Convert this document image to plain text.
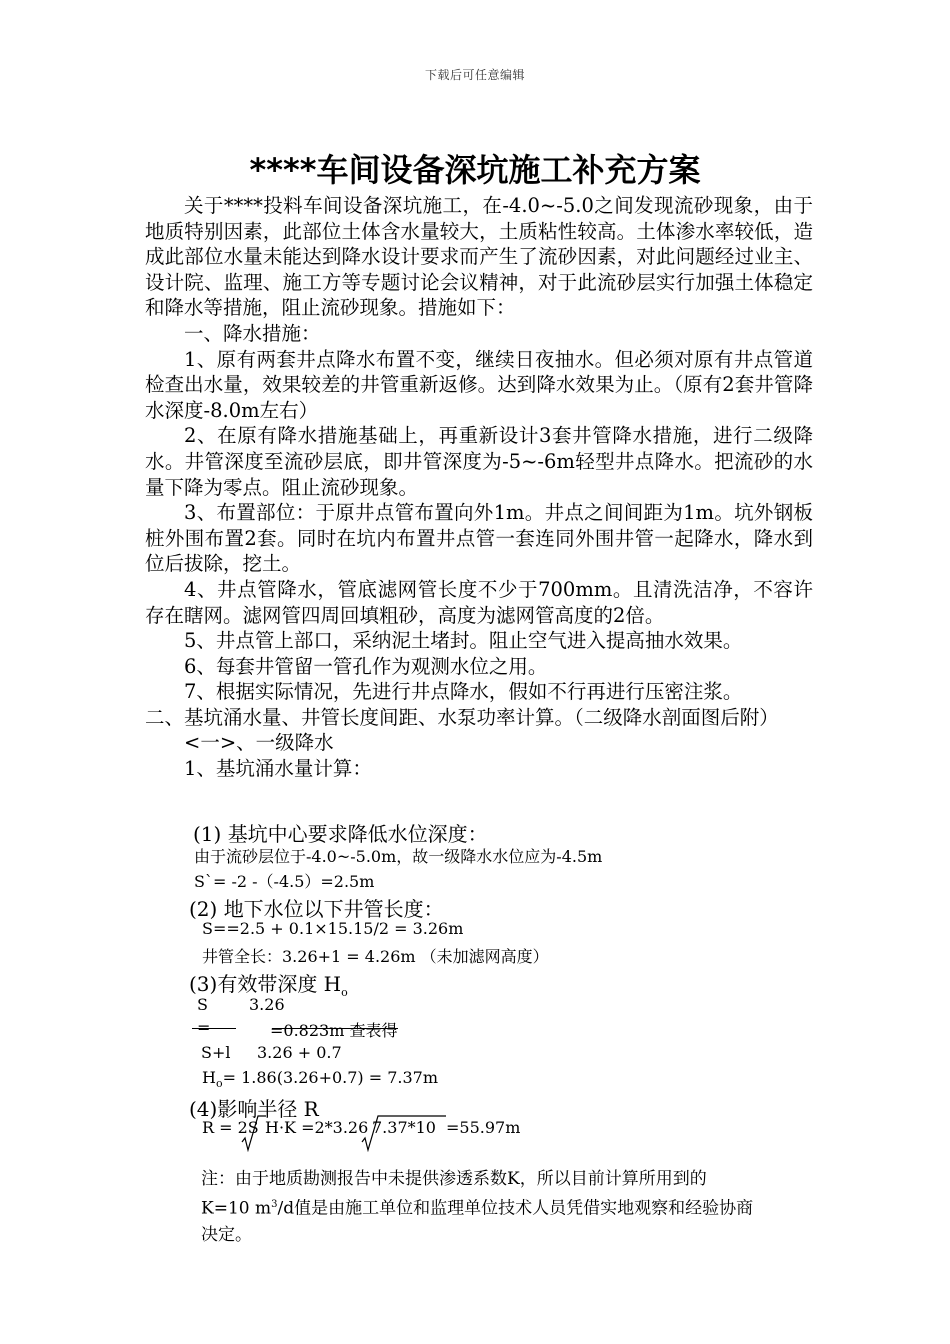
下载后可任意编辑
****车间设备深坑施工补充方案

关于****投料车间设备深坑施工，在-4.0~-5.0之间发现流砂现象，由于地质特别因素，此部位土体含水量较大，土质粘性较高。土体渗水率较低，造成此部位水量未能达到降水设计要求而产生了流砂因素，对此问题经过业主、设计院、监理、施工方等专题讨论会议精神，对于此流砂层实行加强土体稳定和降水等措施，阻止流砂现象。措施如下：

一、降水措施：

1、原有两套井点降水布置不变，继续日夜抽水。但必须对原有井点管道检查出水量，效果较差的井管重新返修。达到降水效果为止。（原有2套井管降水深度-8.0m左右）

2、在原有降水措施基础上，再重新设计3套井管降水措施，进行二级降水。井管深度至流砂层底，即井管深度为-5~-6m轻型井点降水。把流砂的水量下降为零点。阻止流砂现象。

3、布置部位：于原井点管布置向外1m。井点之间间距为1m。坑外钢板桩外围布置2套。同时在坑内布置井点管一套连同外围井管一起降水，降水到位后拔除，挖土。

4、井点管降水，管底滤网管长度不少于700mm。且清洗洁净，不容许存在瞎网。滤网管四周回填粗砂，高度为滤网管高度的2倍。

5、井点管上部口，采纳泥土堵封。阻止空气进入提高抽水效果。

6、每套井管留一管孔作为观测水位之用。

7、根据实际情况，先进行井点降水，假如不行再进行压密注浆。

二、基坑涌水量、井管长度间距、水泵功率计算。（二级降水剖面图后附）

<一>、一级降水

1、基坑涌水量计算：

(1) 基坑中心要求降低水位深度：
由于流砂层位于-4.0~-5.0m，故一级降水水位应为-4.5m
S`= -2 -（-4.5）=2.5m
(2) 地下水位以下井管长度：
S==2.5 + 0.1×15.15/2 = 3.26m
井管全长：3.26+1 = 4.26m （未加滤网高度）
(3)有效带深度 $H_o$
S	3.26
=	=0.823m 查表得
S+l 3.26 + 0.7
$H_o= 1.86(3.26+0.7) = 7.37m$
(4)影响半径 R
R = 2S H·K =2*3.26 7.37*10 =55.97m

注：由于地质勘测报告中未提供渗透系数K，所以目前计算所用到的

K=10 $m^3/d$值是由施工单位和监理单位技术人员凭借实地观察和经验协商

决定。
